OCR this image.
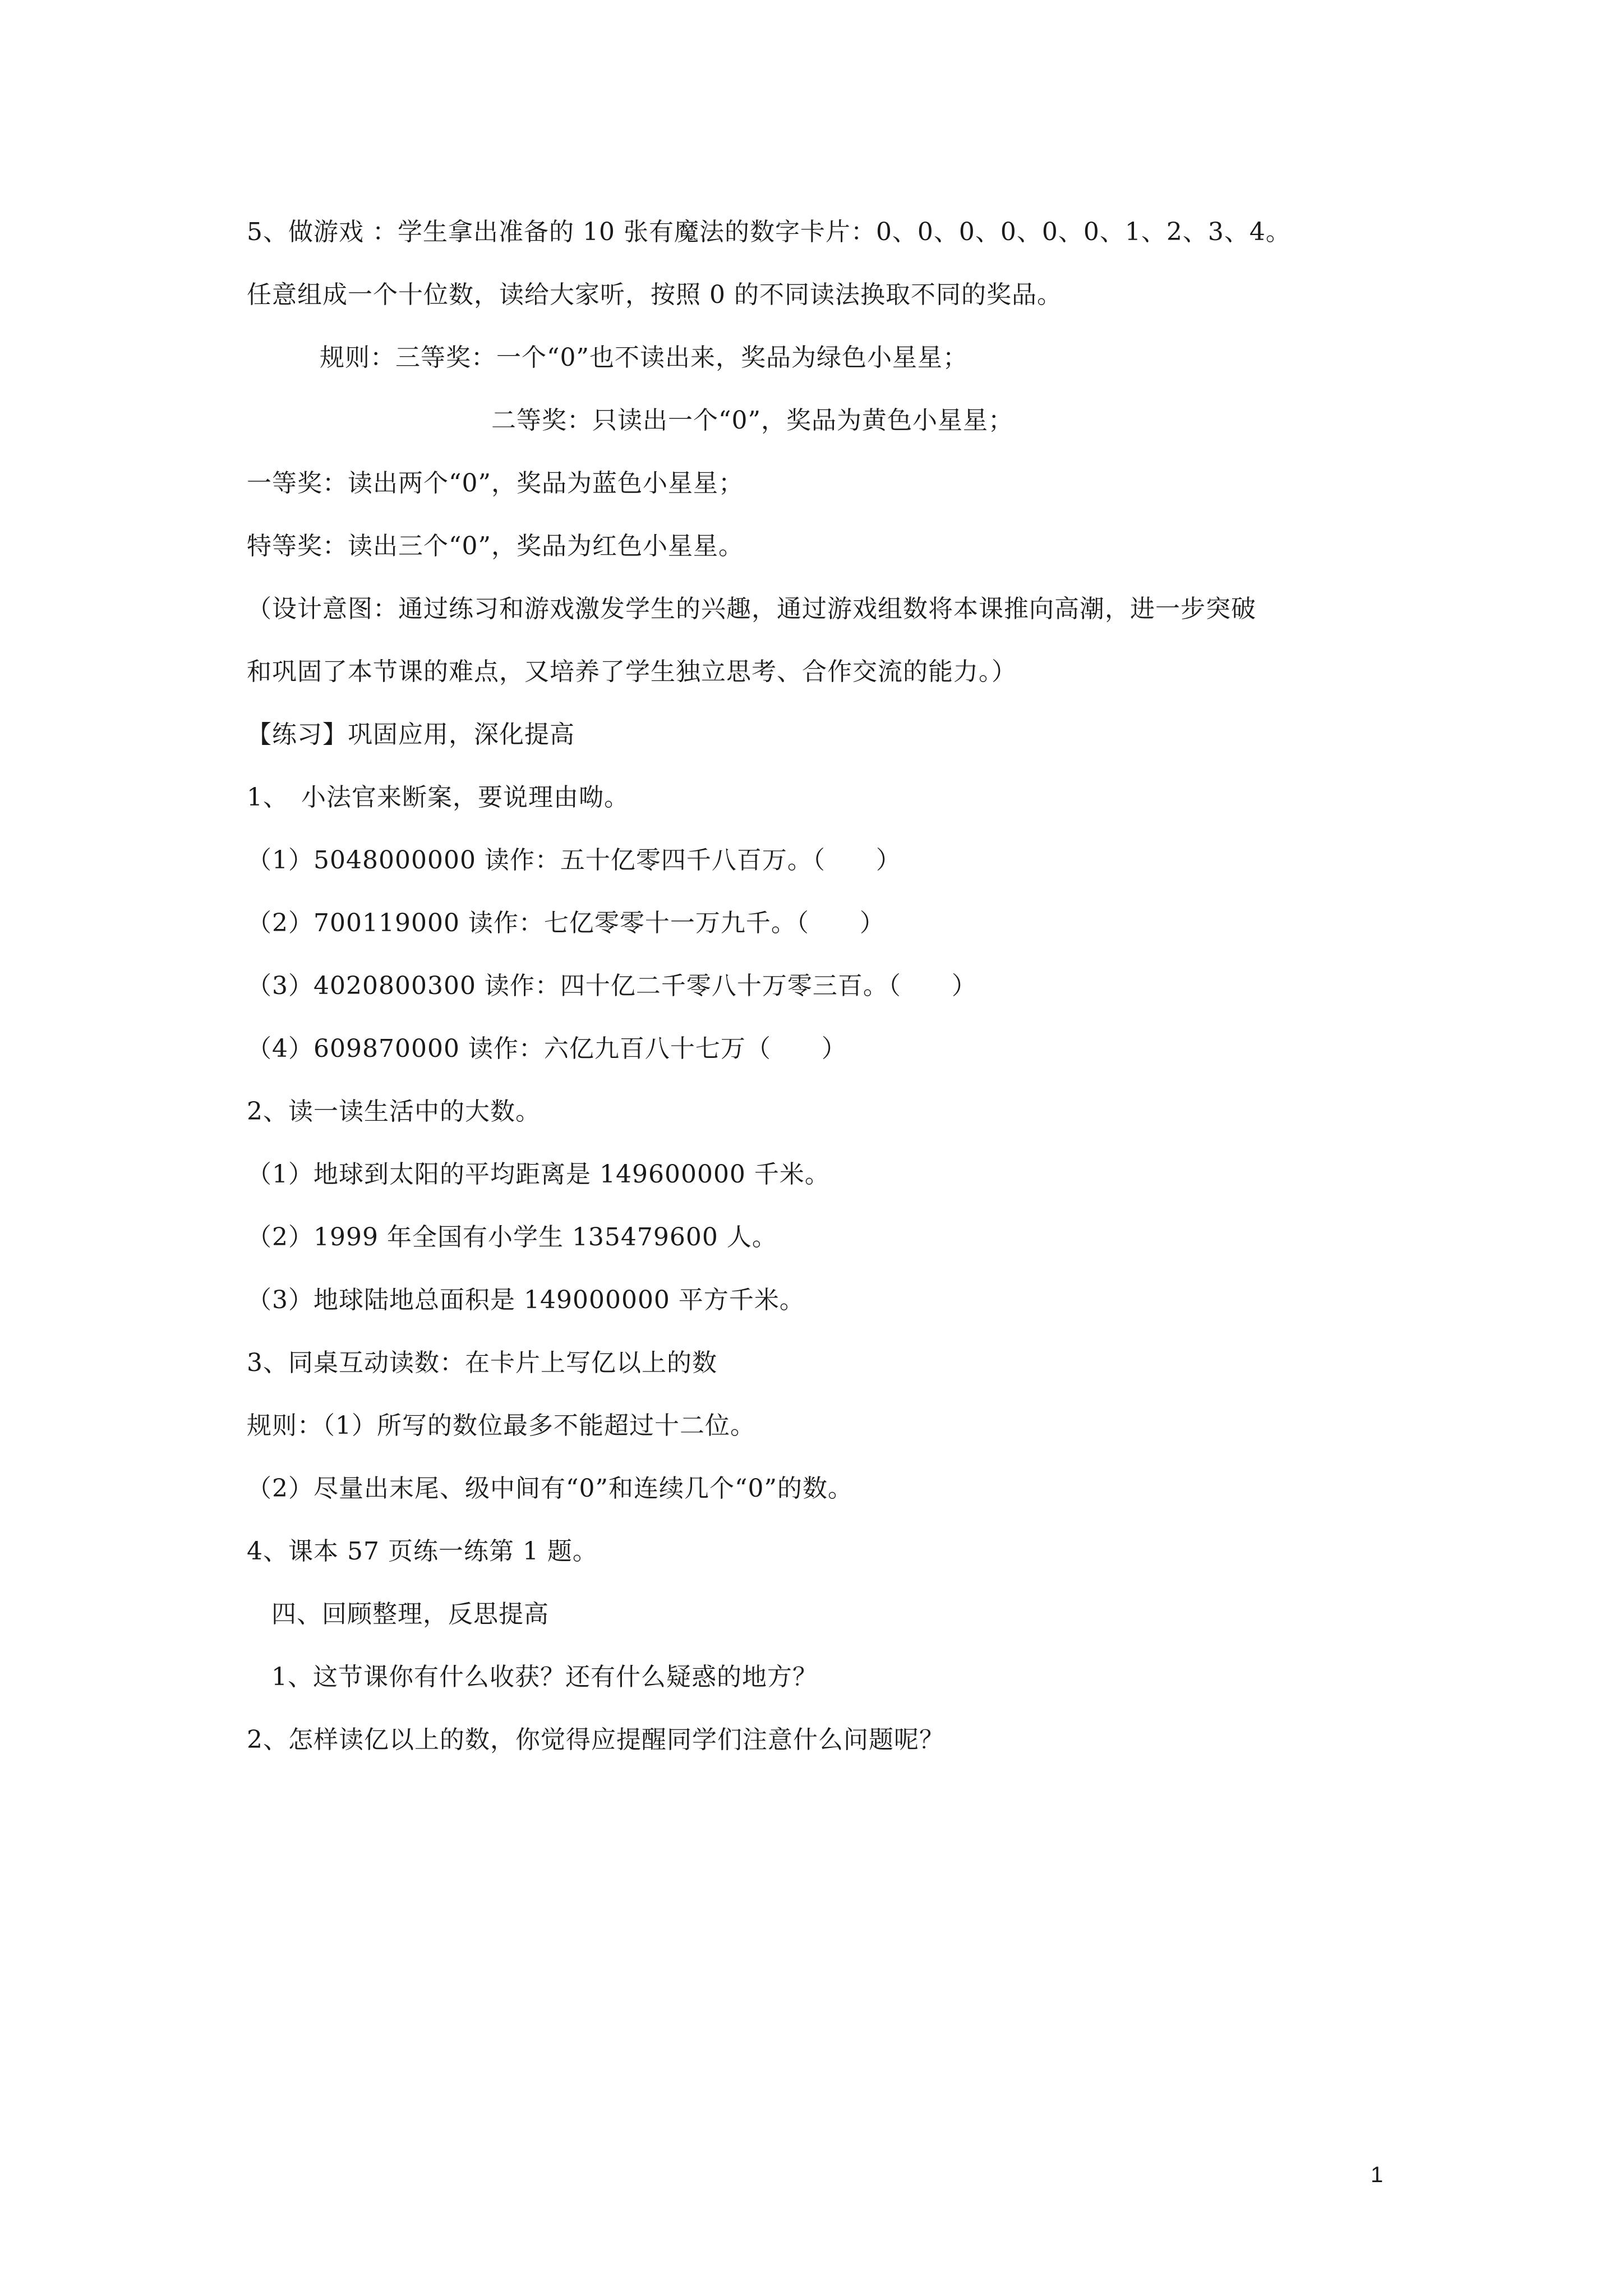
5、做游戏 ：学生拿出准备的 10 张有魔法的数字卡片：0、0、0、0、0、0、1、2、3、4。
任意组成一个十位数，读给大家听，按照 0 的不同读法换取不同的奖品。
规则：三等奖：一个“0”也不读出来，奖品为绿色小星星；
二等奖：只读出一个“0”，奖品为黄色小星星；
一等奖：读出两个“0”，奖品为蓝色小星星；
特等奖：读出三个“0”，奖品为红色小星星。
（设计意图：通过练习和游戏激发学生的兴趣，通过游戏组数将本课推向高潮，进一步突破
和巩固了本节课的难点，又培养了学生独立思考、合作交流的能力。）
【练习】巩固应用，深化提高
1、　小法官来断案，要说理由呦。
（1）5048000000 读作：五十亿零四千八百万。（　　）
（2）700119000 读作：七亿零零十一万九千。（　　）
（3）4020800300 读作：四十亿二千零八十万零三百。（　　）
（4）609870000 读作：六亿九百八十七万（　　）
2、读一读生活中的大数。
（1）地球到太阳的平均距离是 149600000 千米。
（2）1999 年全国有小学生 135479600 人。
（3）地球陆地总面积是 149000000 平方千米。
3、同桌互动读数：在卡片上写亿以上的数
规则：（1）所写的数位最多不能超过十二位。
（2）尽量出末尾、级中间有“0”和连续几个“0”的数。
4、课本 57 页练一练第 1 题。
四、回顾整理，反思提高
1、这节课你有什么收获？还有什么疑惑的地方？
2、怎样读亿以上的数，你觉得应提醒同学们注意什么问题呢？
1
